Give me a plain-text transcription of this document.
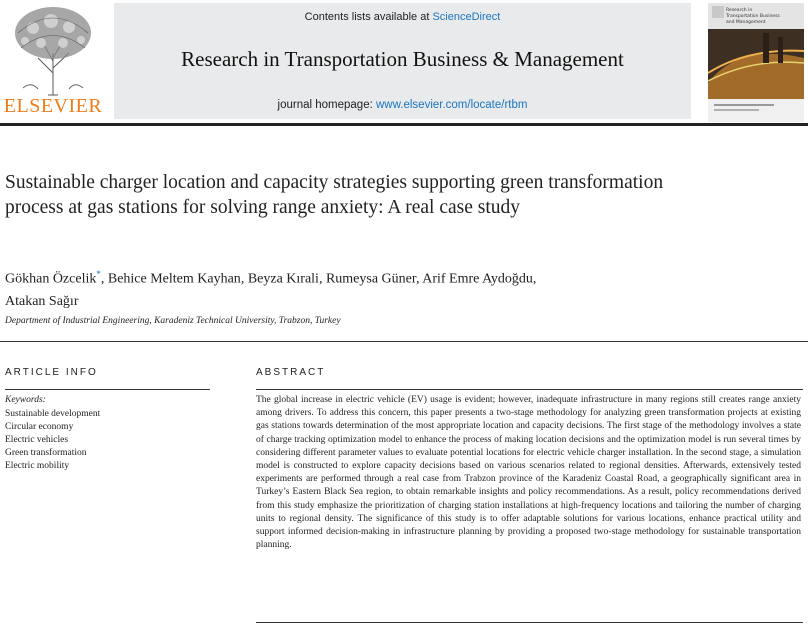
ELSEVIER
Contents lists available at ScienceDirect
Research in Transportation Business & Management
journal homepage: www.elsevier.com/locate/rtbm
Research in
Transportation Business
and Management
Sustainable charger location and capacity strategies supporting green transformation process at gas stations for solving range anxiety: A real case study
Gökhan Özcelik*, Behice Meltem Kayhan, Beyza Kırali, Rumeysa Güner, Arif Emre Aydoğdu,
Atakan Sağır
Department of Industrial Engineering, Karadeniz Technical University, Trabzon, Turkey
ARTICLE INFO
Keywords:
Sustainable development
Circular economy
Electric vehicles
Green transformation
Electric mobility
ABSTRACT

The global increase in electric vehicle (EV) usage is evident; however, inadequate infrastructure in many regions still creates range anxiety among drivers. To address this concern, this paper presents a two-stage methodology for analyzing green transformation projects at existing gas stations towards determination of the most appropriate location and capacity decisions. The first stage of the methodology involves a state of charge tracking optimization model to enhance the process of making location decisions and the optimization model is run several times by considering different parameter values to evaluate potential locations for electric vehicle charger installation. In the second stage, a simulation model is constructed to explore capacity decisions based on various scenarios related to regional densities. Afterwards, extensively tested experiments are performed through a real case from Trabzon province of the Karadeniz Coastal Road, a geographically significant area in Turkey’s Eastern Black Sea region, to obtain remarkable insights and policy recommendations. As a result, policy recommendations derived from this study emphasize the prioritization of charging station installations at high-frequency locations and tailoring the number of charging units to regional density. The significance of this study is to offer adaptable solutions for various locations, enhance practical utility and support informed decision-making in infrastructure planning by providing a proposed two-stage methodology for sustainable transportation planning.
